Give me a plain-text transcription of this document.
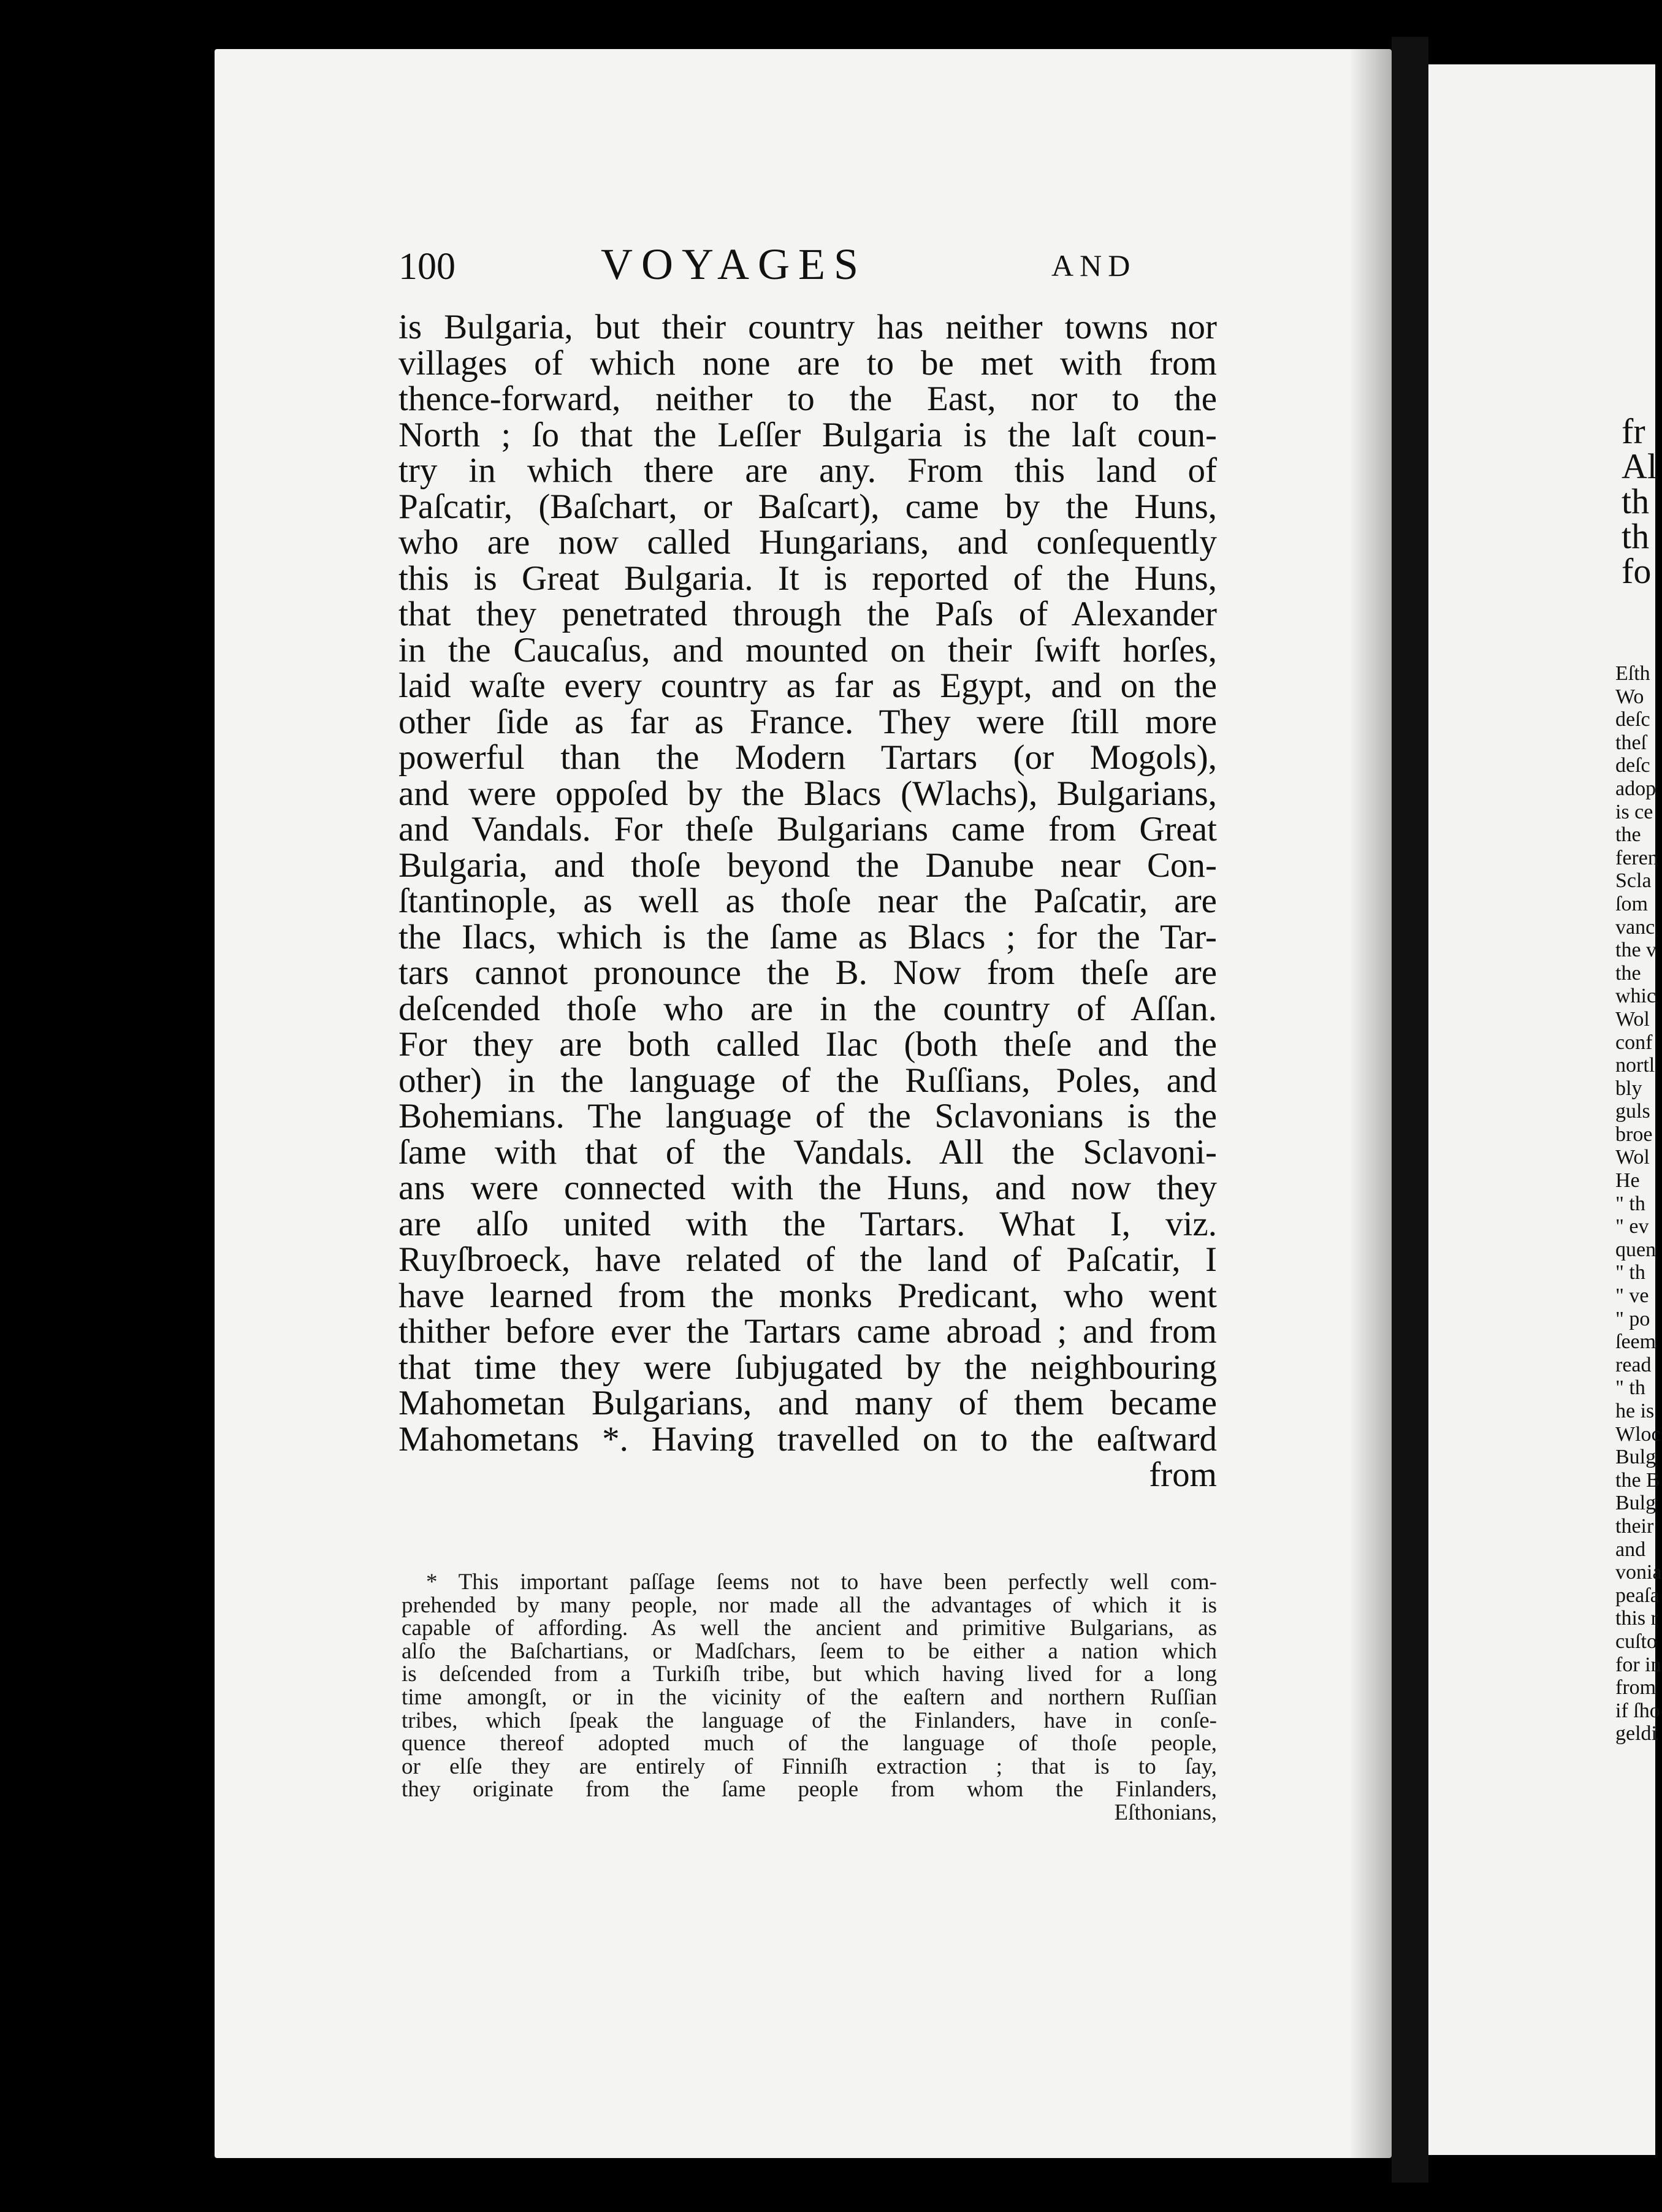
fr
Al
th
th
fo
Eſth
Wo
deſc
theſ
deſc
adop
is ce
the
feren
Scla
ſom
vanc
the v
the
whic
Wol
conf
nortl
bly
guls
broe
Wol
He
" th
" ev
quen
" th
" ve
" po
ſeem
read
" th
he is
Wloc
Bulg
the B
Bulg
their
and
vonia
peaſa
this r
cuſto
for in
from
if ſho
geldi
100	VOYAGES	AND
is Bulgaria, but their country has neither towns nor
villages of which none are to be met with from
thence-forward, neither to the East, nor to the
North ; ſo that the Leſſer Bulgaria is the laſt coun-
try in which there are any. From this land of
Paſcatir, (Baſchart, or Baſcart), came by the Huns,
who are now called Hungarians, and conſequently
this is Great Bulgaria. It is reported of the Huns,
that they penetrated through the Paſs of Alexander
in the Caucaſus, and mounted on their ſwift horſes,
laid waſte every country as far as Egypt, and on the
other ſide as far as France. They were ſtill more
powerful than the Modern Tartars (or Mogols),
and were oppoſed by the Blacs (Wlachs), Bulgarians,
and Vandals. For theſe Bulgarians came from Great
Bulgaria, and thoſe beyond the Danube near Con-
ſtantinople, as well as thoſe near the Paſcatir, are
the Ilacs, which is the ſame as Blacs ; for the Tar-
tars cannot pronounce the B. Now from theſe are
deſcended thoſe who are in the country of Aſſan.
For they are both called Ilac (both theſe and the
other) in the language of the Ruſſians, Poles, and
Bohemians. The language of the Sclavonians is the
ſame with that of the Vandals. All the Sclavoni-
ans were connected with the Huns, and now they
are alſo united with the Tartars. What I, viz.
Ruyſbroeck, have related of the land of Paſcatir, I
have learned from the monks Predicant, who went
thither before ever the Tartars came abroad ; and from
that time they were ſubjugated by the neighbouring
Mahometan Bulgarians, and many of them became
Mahometans *. Having travelled on to the eaſtward
from
* This important paſſage ſeems not to have been perfectly well com-
prehended by many people, nor made all the advantages of which it is
capable of affording. As well the ancient and primitive Bulgarians, as
alſo the Baſchartians, or Madſchars, ſeem to be either a nation which
is deſcended from a Turkiſh tribe, but which having lived for a long
time amongſt, or in the vicinity of the eaſtern and northern Ruſſian
tribes, which ſpeak the language of the Finlanders, have in conſe-
quence thereof adopted much of the language of thoſe people,
or elſe they are entirely of Finniſh extraction ; that is to ſay,
they originate from the ſame people from whom the Finlanders,
Eſthonians,
